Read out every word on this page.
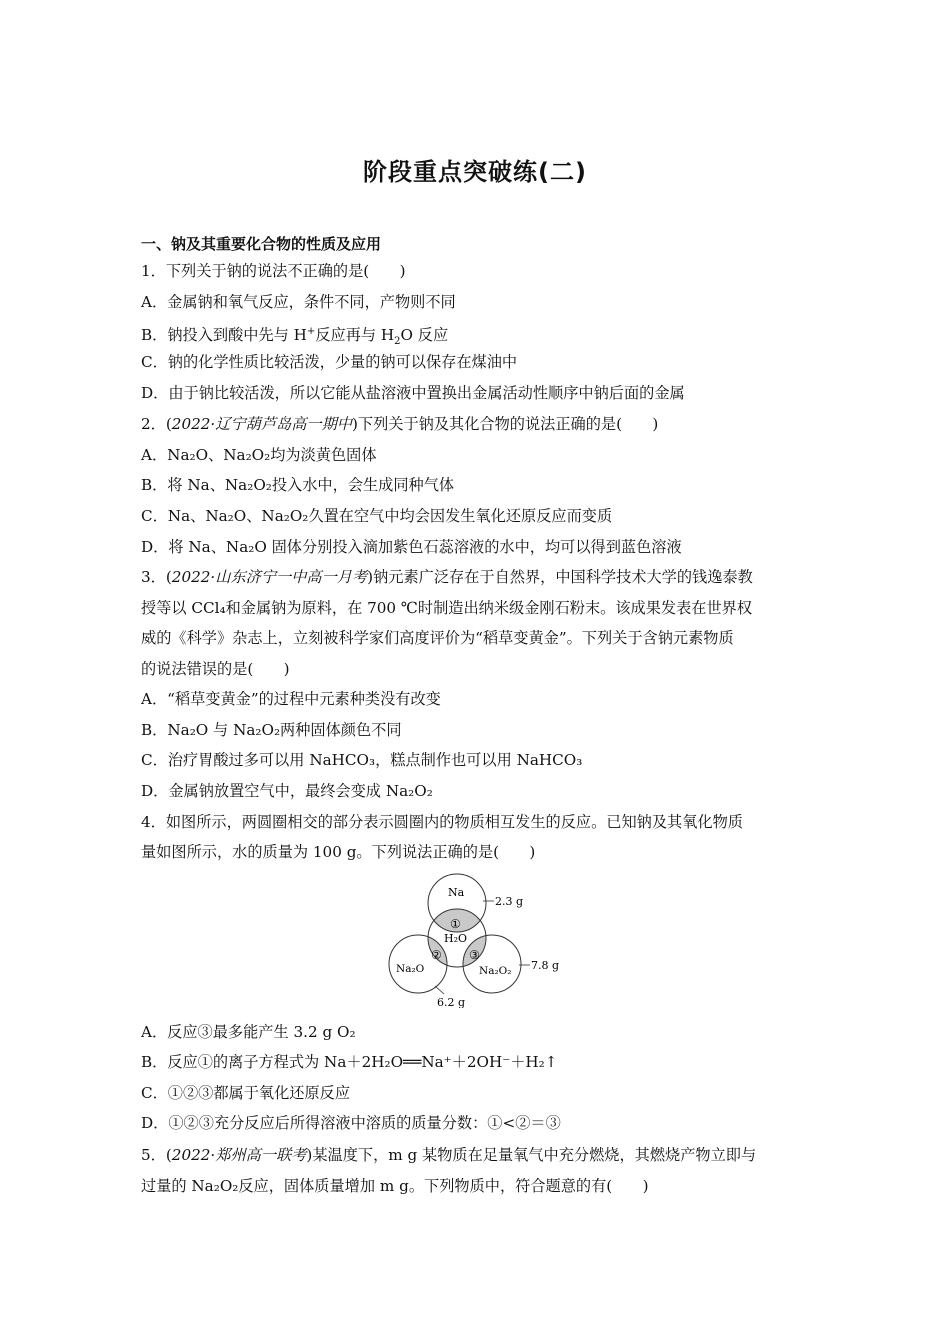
阶段重点突破练(二)
一、钠及其重要化合物的性质及应用
1．下列关于钠的说法不正确的是(　　)
A．金属钠和氧气反应，条件不同，产物则不同
B．钠投入到酸中先与 H+反应再与 $H_2O$ 反应
C．钠的化学性质比较活泼，少量的钠可以保存在煤油中
D．由于钠比较活泼，所以它能从盐溶液中置换出金属活动性顺序中钠后面的金属
2．(2022·辽宁葫芦岛高一期中)下列关于钠及其化合物的说法正确的是(　　)
A．Na₂O、Na₂O₂均为淡黄色固体
B．将 Na、Na₂O₂投入水中，会生成同种气体
C．Na、Na₂O、Na₂O₂久置在空气中均会因发生氧化还原反应而变质
D．将 Na、Na₂O 固体分别投入滴加紫色石蕊溶液的水中，均可以得到蓝色溶液
3．(2022·山东济宁一中高一月考)钠元素广泛存在于自然界，中国科学技术大学的钱逸泰教
授等以 CCl₄和金属钠为原料，在 700 ℃时制造出纳米级金刚石粉末。该成果发表在世界权
威的《科学》杂志上，立刻被科学家们高度评价为“稻草变黄金”。下列关于含钠元素物质
的说法错误的是(　　)
A．“稻草变黄金”的过程中元素种类没有改变
B．Na₂O 与 Na₂O₂两种固体颜色不同
C．治疗胃酸过多可以用 NaHCO₃，糕点制作也可以用 NaHCO₃
D．金属钠放置空气中，最终会变成 Na₂O₂
4．如图所示，两圆圈相交的部分表示圆圈内的物质相互发生的反应。已知钠及其氧化物质
量如图所示，水的质量为 100 g。下列说法正确的是(　　)
Na
H₂O
Na₂O	Na₂O₂
①
② ③
2.3 g
7.8 g
6.2 g
A．反应③最多能产生 3.2 g O₂
B．反应①的离子方程式为 Na＋2H₂O══Na⁺＋2OH⁻＋H₂↑
C．①②③都属于氧化还原反应
D．①②③充分反应后所得溶液中溶质的质量分数：①<②＝③
5．(2022·郑州高一联考)某温度下，m g 某物质在足量氧气中充分燃烧，其燃烧产物立即与
过量的 Na₂O₂反应，固体质量增加 m g。下列物质中，符合题意的有(　　)
